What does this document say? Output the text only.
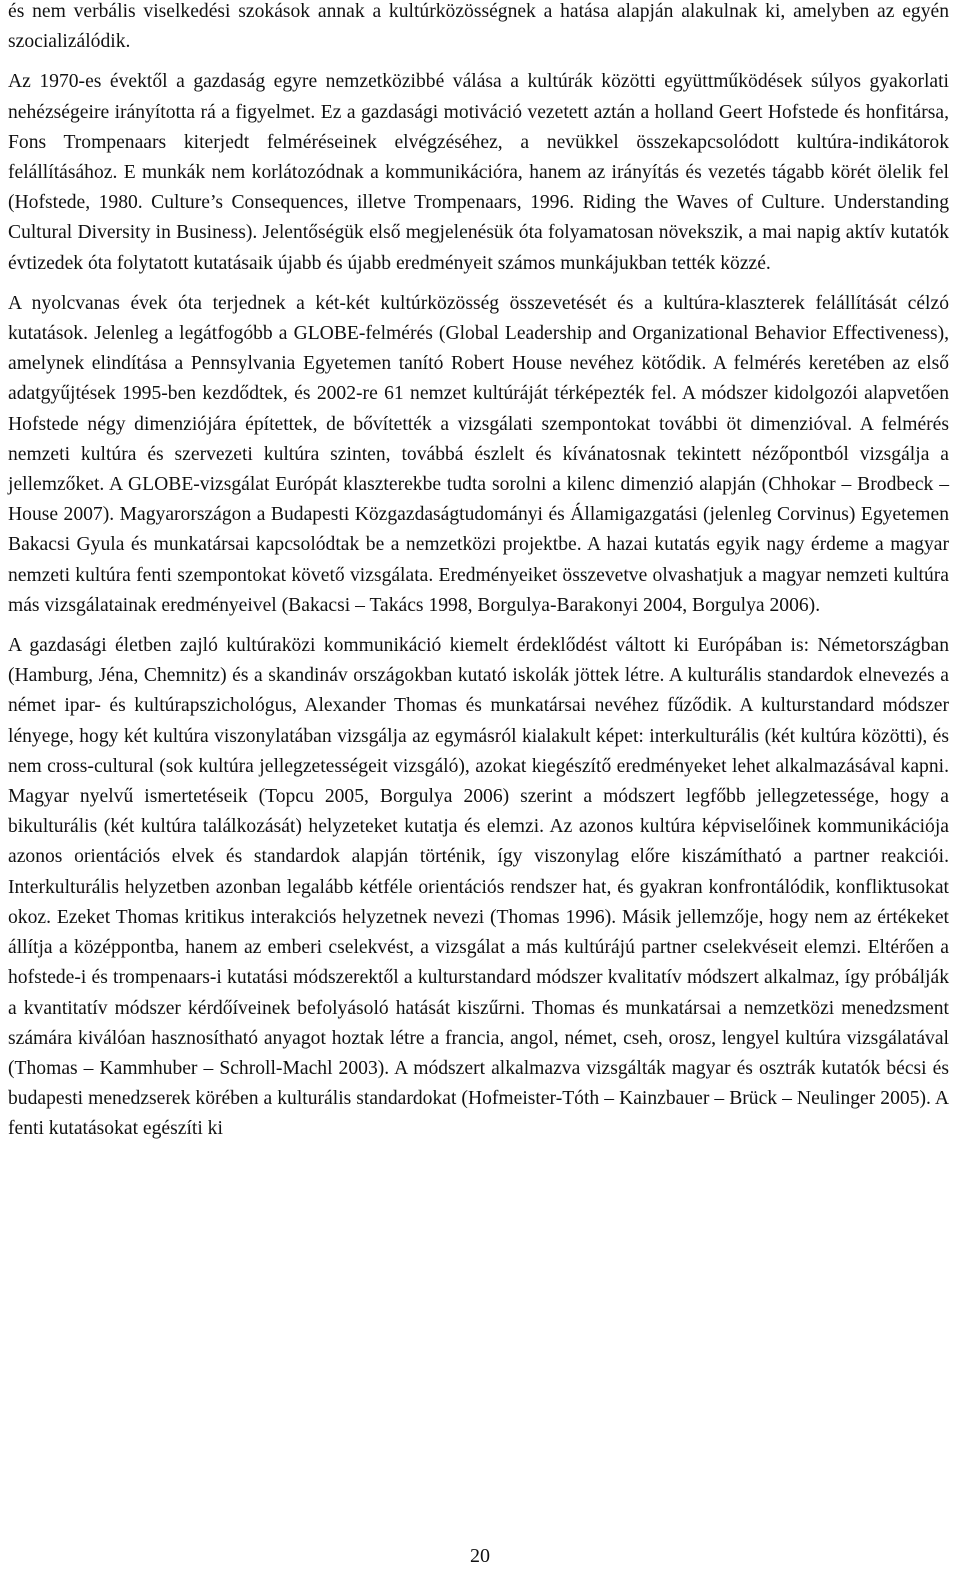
és nem verbális viselkedési szokások annak a kultúrközösségnek a hatása alapján alakulnak ki, amelyben az egyén szocializálódik.

Az 1970-es évektől a gazdaság egyre nemzetközibbé válása a kultúrák közötti együttműködések súlyos gyakorlati nehézségeire irányította rá a figyelmet. Ez a gazdasági motiváció vezetett aztán a holland Geert Hofstede és honfitársa, Fons Trompenaars kiterjedt felméréseinek elvégzéséhez, a nevükkel összekapcsolódott kultúra-indikátorok felállításához. E munkák nem korlátozódnak a kommunikációra, hanem az irányítás és vezetés tágabb körét ölelik fel (Hofstede, 1980. Culture’s Consequences, illetve Trompenaars, 1996. Riding the Waves of Culture. Understanding Cultural Diversity in Business). Jelentőségük első megjelenésük óta folyamatosan növekszik, a mai napig aktív kutatók évtizedek óta folytatott kutatásaik újabb és újabb eredményeit számos munkájukban tették közzé.

A nyolcvanas évek óta terjednek a két-két kultúrközösség összevetését és a kultúra-klaszterek felállítását célzó kutatások. Jelenleg a legátfogóbb a GLOBE-felmérés (Global Leadership and Organizational Behavior Effectiveness), amelynek elindítása a Pennsylvania Egyetemen tanító Robert House nevéhez kötődik. A felmérés keretében az első adatgyűjtések 1995-ben kezdődtek, és 2002-re 61 nemzet kultúráját térképezték fel. A módszer kidolgozói alapvetően Hofstede négy dimenziójára építettek, de bővítették a vizsgálati szempontokat további öt dimenzióval. A felmérés nemzeti kultúra és szervezeti kultúra szinten, továbbá észlelt és kívánatosnak tekintett nézőpontból vizsgálja a jellemzőket. A GLOBE-vizsgálat Európát klaszterekbe tudta sorolni a kilenc dimenzió alapján (Chhokar – Brodbeck – House 2007). Magyarországon a Budapesti Közgazdaságtudományi és Államigazgatási (jelenleg Corvinus) Egyetemen Bakacsi Gyula és munkatársai kapcsolódtak be a nemzetközi projektbe. A hazai kutatás egyik nagy érdeme a magyar nemzeti kultúra fenti szempontokat követő vizsgálata. Eredményeiket összevetve olvashatjuk a magyar nemzeti kultúra más vizsgálatainak eredményeivel (Bakacsi – Takács 1998, Borgulya-Barakonyi 2004, Borgulya 2006).

A gazdasági életben zajló kultúraközi kommunikáció kiemelt érdeklődést váltott ki Európában is: Németországban (Hamburg, Jéna, Chemnitz) és a skandináv országokban kutató iskolák jöttek létre. A kulturális standardok elnevezés a német ipar- és kultúrapszichológus, Alexander Thomas és munkatársai nevéhez fűződik. A kulturstandard módszer lényege, hogy két kultúra viszonylatában vizsgálja az egymásról kialakult képet: interkulturális (két kultúra közötti), és nem cross-cultural (sok kultúra jellegzetességeit vizsgáló), azokat kiegészítő eredményeket lehet alkalmazásával kapni. Magyar nyelvű ismertetéseik (Topcu 2005, Borgulya 2006) szerint a módszert legfőbb jellegzetessége, hogy a bikulturális (két kultúra találkozását) helyzeteket kutatja és elemzi. Az azonos kultúra képviselőinek kommunikációja azonos orientációs elvek és standardok alapján történik, így viszonylag előre kiszámítható a partner reakciói. Interkulturális helyzetben azonban legalább kétféle orientációs rendszer hat, és gyakran konfrontálódik, konfliktusokat okoz. Ezeket Thomas kritikus interakciós helyzetnek nevezi (Thomas 1996). Másik jellemzője, hogy nem az értékeket állítja a középpontba, hanem az emberi cselekvést, a vizsgálat a más kultúrájú partner cselekvéseit elemzi. Eltérően a hofstede-i és trompenaars-i kutatási módszerektől a kulturstandard módszer kvalitatív módszert alkalmaz, így próbálják a kvantitatív módszer kérdőíveinek befolyásoló hatását kiszűrni. Thomas és munkatársai a nemzetközi menedzsment számára kiválóan hasznosítható anyagot hoztak létre a francia, angol, német, cseh, orosz, lengyel kultúra vizsgálatával (Thomas – Kammhuber – Schroll-Machl 2003). A módszert alkalmazva vizsgálták magyar és osztrák kutatók bécsi és budapesti menedzserek körében a kulturális standardokat (Hofmeister-Tóth – Kainzbauer – Brück – Neulinger 2005). A fenti kutatásokat egészíti ki

20
